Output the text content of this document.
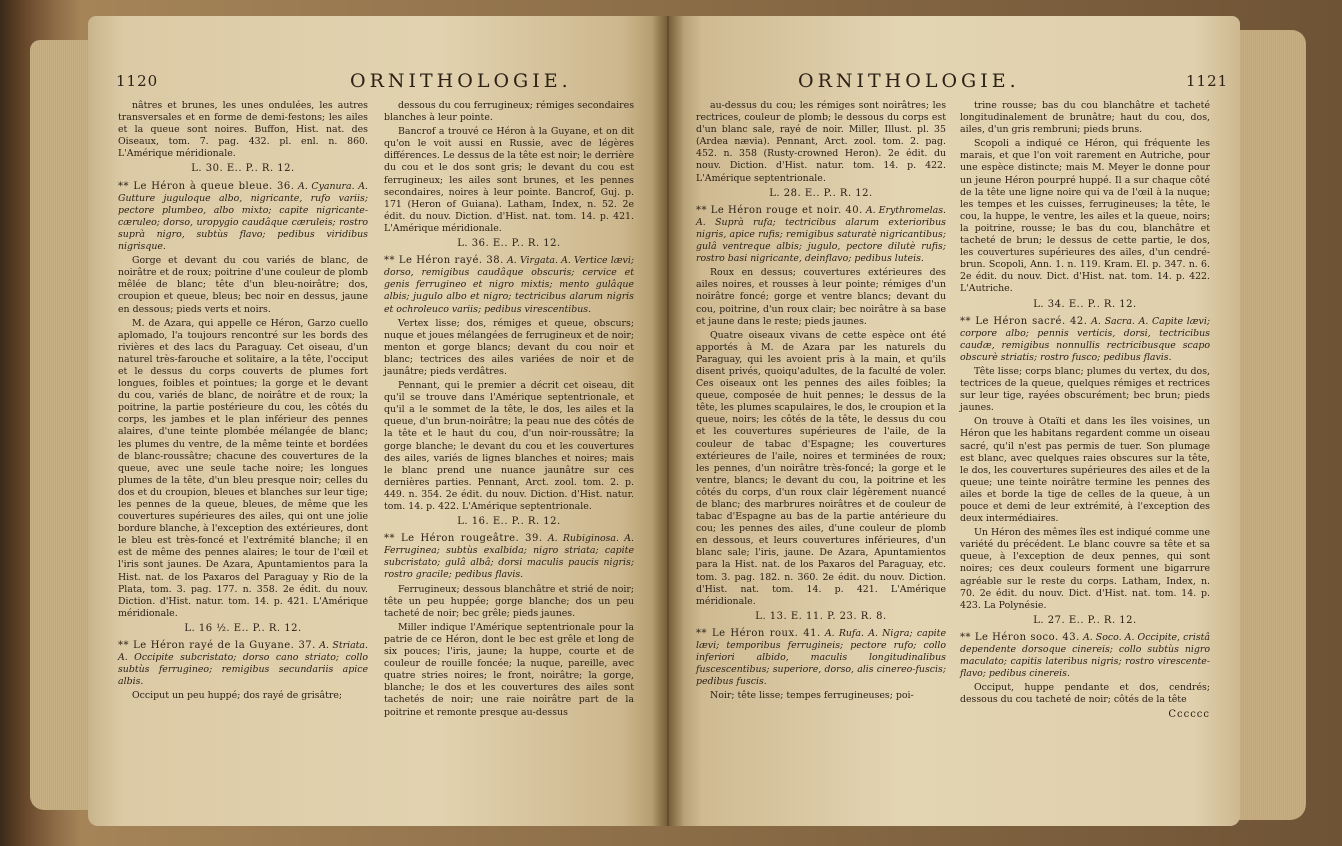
1120	ORNITHOLOGIE.

nâtres et brunes, les unes ondulées, les autres transversales et en forme de demi-festons; les ailes et la queue sont noires. Buffon, Hist. nat. des Oiseaux, tom. 7. pag. 432. pl. enl. n. 860. L'Amérique méridionale.

L. 30. E.. P.. R. 12.

** Le Héron à queue bleue. 36. A. Cyanura. A. Gutture juguloque albo, nigricante, rufo variis; pectore plumbeo, albo mixto; capite nigricante-cæruleo; dorso, uropygio caudâque cæruleis; rostro suprà nigro, subtùs flavo; pedibus viridibus nigrisque.

Gorge et devant du cou variés de blanc, de noirâtre et de roux; poitrine d'une couleur de plomb mêlée de blanc; tête d'un bleu-noirâtre; dos, croupion et queue, bleus; bec noir en dessus, jaune en dessous; pieds verts et noirs.

M. de Azara, qui appelle ce Héron, Garzo cuello aplomado, l'a toujours rencontré sur les bords des rivières et des lacs du Paraguay. Cet oiseau, d'un naturel très-farouche et solitaire, a la tête, l'occiput et le dessus du corps couverts de plumes fort longues, foibles et pointues; la gorge et le devant du cou, variés de blanc, de noirâtre et de roux; la poitrine, la partie postérieure du cou, les côtés du corps, les jambes et le plan inférieur des pennes alaires, d'une teinte plombée mélangée de blanc; les plumes du ventre, de la même teinte et bordées de blanc-roussâtre; chacune des couvertures de la queue, avec une seule tache noire; les longues plumes de la tête, d'un bleu presque noir; celles du dos et du croupion, bleues et blanches sur leur tige; les pennes de la queue, bleues, de même que les couvertures supérieures des ailes, qui ont une jolie bordure blanche, à l'exception des extérieures, dont le bleu est très-foncé et l'extrémité blanche; il en est de même des pennes alaires; le tour de l'œil et l'iris sont jaunes. De Azara, Apuntamientos para la Hist. nat. de los Paxaros del Paraguay y Rio de la Plata, tom. 3. pag. 177. n. 358. 2e édit. du nouv. Diction. d'Hist. natur. tom. 14. p. 421. L'Amérique méridionale.

L. 16 ½. E.. P.. R. 12.

** Le Héron rayé de la Guyane. 37. A. Striata. A. Occipite subcristato; dorso cano striato; collo subtùs ferrugineo; remigibus secundariis apice albis.

Occiput un peu huppé; dos rayé de grisâtre;

dessous du cou ferrugineux; rémiges secondaires blanches à leur pointe.

Bancrof a trouvé ce Héron à la Guyane, et on dit qu'on le voit aussi en Russie, avec de légères différences. Le dessus de la tête est noir; le derrière du cou et le dos sont gris; le devant du cou est ferrugineux; les ailes sont brunes, et les pennes secondaires, noires à leur pointe. Bancrof, Guj. p. 171 (Heron of Guiana). Latham, Index, n. 52. 2e édit. du nouv. Diction. d'Hist. nat. tom. 14. p. 421. L'Amérique méridionale.

L. 36. E.. P.. R. 12.

** Le Héron rayé. 38. A. Virgata. A. Vertice lævi; dorso, remigibus caudâque obscuris; cervice et genis ferrugineo et nigro mixtis; mento gulâque albis; jugulo albo et nigro; tectricibus alarum nigris et ochroleuco variis; pedibus virescentibus.

Vertex lisse; dos, rémiges et queue, obscurs; nuque et joues mélangées de ferrugineux et de noir; menton et gorge blancs; devant du cou noir et blanc; tectrices des ailes variées de noir et de jaunâtre; pieds verdâtres.

Pennant, qui le premier a décrit cet oiseau, dit qu'il se trouve dans l'Amérique septentrionale, et qu'il a le sommet de la tête, le dos, les ailes et la queue, d'un brun-noirâtre; la peau nue des côtés de la tête et le haut du cou, d'un noir-roussâtre; la gorge blanche; le devant du cou et les couvertures des ailes, variés de lignes blanches et noires; mais le blanc prend une nuance jaunâtre sur ces dernières parties. Pennant, Arct. zool. tom. 2. p. 449. n. 354. 2e édit. du nouv. Diction. d'Hist. natur. tom. 14. p. 422. L'Amérique septentrionale.

L. 16. E.. P.. R. 12.

** Le Héron rougeâtre. 39. A. Rubiginosa. A. Ferruginea; subtùs exalbida; nigro striata; capite subcristato; gulâ albâ; dorsi maculis paucis nigris; rostro gracile; pedibus flavis.

Ferrugineux; dessous blanchâtre et strié de noir; tête un peu huppée; gorge blanche; dos un peu tacheté de noir; bec grêle; pieds jaunes.

Miller indique l'Amérique septentrionale pour la patrie de ce Héron, dont le bec est grêle et long de six pouces; l'iris, jaune; la huppe, courte et de couleur de rouille foncée; la nuque, pareille, avec quatre stries noires; le front, noirâtre; la gorge, blanche; le dos et les couvertures des ailes sont tachetés de noir; une raie noirâtre part de la poitrine et remonte presque au-dessus

ORNITHOLOGIE.	1121

au-dessus du cou; les rémiges sont noirâtres; les rectrices, couleur de plomb; le dessous du corps est d'un blanc sale, rayé de noir. Miller, Illust. pl. 35 (Ardea nævia). Pennant, Arct. zool. tom. 2. pag. 452. n. 358 (Rusty-crowned Heron). 2e édit. du nouv. Diction. d'Hist. natur. tom. 14. p. 422. L'Amérique septentrionale.

L. 28. E.. P.. R. 12.

** Le Héron rouge et noir. 40. A. Erythromelas. A. Suprà rufa; tectricibus alarum exterioribus nigris, apice rufis; remigibus saturatè nigricantibus; gulâ ventreque albis; jugulo, pectore dilutè rufis; rostro basi nigricante, deinflavo; pedibus luteis.

Roux en dessus; couvertures extérieures des ailes noires, et rousses à leur pointe; rémiges d'un noirâtre foncé; gorge et ventre blancs; devant du cou, poitrine, d'un roux clair; bec noirâtre à sa base et jaune dans le reste; pieds jaunes.

Quatre oiseaux vivans de cette espèce ont été apportés à M. de Azara par les naturels du Paraguay, qui les avoient pris à la main, et qu'ils disent privés, quoiqu'adultes, de la faculté de voler. Ces oiseaux ont les pennes des ailes foibles; la queue, composée de huit pennes; le dessus de la tête, les plumes scapulaires, le dos, le croupion et la queue, noirs; les côtés de la tête, le dessus du cou et les couvertures supérieures de l'aile, de la couleur de tabac d'Espagne; les couvertures extérieures de l'aile, noires et terminées de roux; les pennes, d'un noirâtre très-foncé; la gorge et le ventre, blancs; le devant du cou, la poitrine et les côtés du corps, d'un roux clair légèrement nuancé de blanc; des marbrures noirâtres et de couleur de tabac d'Espagne au bas de la partie antérieure du cou; les pennes des ailes, d'une couleur de plomb en dessous, et leurs couvertures inférieures, d'un blanc sale; l'iris, jaune. De Azara, Apuntamientos para la Hist. nat. de los Paxaros del Paraguay, etc. tom. 3. pag. 182. n. 360. 2e édit. du nouv. Diction. d'Hist. nat. tom. 14. p. 421. L'Amérique méridionale.

L. 13. E. 11. P. 23. R. 8.

** Le Héron roux. 41. A. Rufa. A. Nigra; capite lævi; temporibus ferrugineis; pectore rufo; collo inferiori albido, maculis longitudinalibus fuscescentibus; superiore, dorso, alis cinereo-fuscis; pedibus fuscis.

Noir; tête lisse; tempes ferrugineuses; poi-

trine rousse; bas du cou blanchâtre et tacheté longitudinalement de brunâtre; haut du cou, dos, ailes, d'un gris rembruni; pieds bruns.

Scopoli a indiqué ce Héron, qui fréquente les marais, et que l'on voit rarement en Autriche, pour une espèce distincte; mais M. Meyer le donne pour un jeune Héron pourpré huppé. Il a sur chaque côté de la tête une ligne noire qui va de l'œil à la nuque; les tempes et les cuisses, ferrugineuses; la tête, le cou, la huppe, le ventre, les ailes et la queue, noirs; la poitrine, rousse; le bas du cou, blanchâtre et tacheté de brun; le dessus de cette partie, le dos, les couvertures supérieures des ailes, d'un cendré-brun. Scopoli, Ann. 1. n. 119. Kram. El. p. 347. n. 6. 2e édit. du nouv. Dict. d'Hist. nat. tom. 14. p. 422. L'Autriche.

L. 34. E.. P.. R. 12.

** Le Héron sacré. 42. A. Sacra. A. Capite lævi; corpore albo; pennis verticis, dorsi, tectricibus caudæ, remigibus nonnullis rectricibusque scapo obscurè striatis; rostro fusco; pedibus flavis.

Tête lisse; corps blanc; plumes du vertex, du dos, tectrices de la queue, quelques rémiges et rectrices sur leur tige, rayées obscurément; bec brun; pieds jaunes.

On trouve à Otaïti et dans les îles voisines, un Héron que les habitans regardent comme un oiseau sacré, qu'il n'est pas permis de tuer. Son plumage est blanc, avec quelques raies obscures sur la tête, le dos, les couvertures supérieures des ailes et de la queue; une teinte noirâtre termine les pennes des ailes et borde la tige de celles de la queue, à un pouce et demi de leur extrémité, à l'exception des deux intermédiaires.

Un Héron des mêmes îles est indiqué comme une variété du précédent. Le blanc couvre sa tête et sa queue, à l'exception de deux pennes, qui sont noires; ces deux couleurs forment une bigarrure agréable sur le reste du corps. Latham, Index, n. 70. 2e édit. du nouv. Dict. d'Hist. nat. tom. 14. p. 423. La Polynésie.

L. 27. E.. P.. R. 12.

** Le Héron soco. 43. A. Soco. A. Occipite, cristâ dependente dorsoque cinereis; collo subtùs nigro maculato; capitis lateribus nigris; rostro virescente-flavo; pedibus cinereis.

Occiput, huppe pendante et dos, cendrés; dessous du cou tacheté de noir; côtés de la tête

Cccccc
